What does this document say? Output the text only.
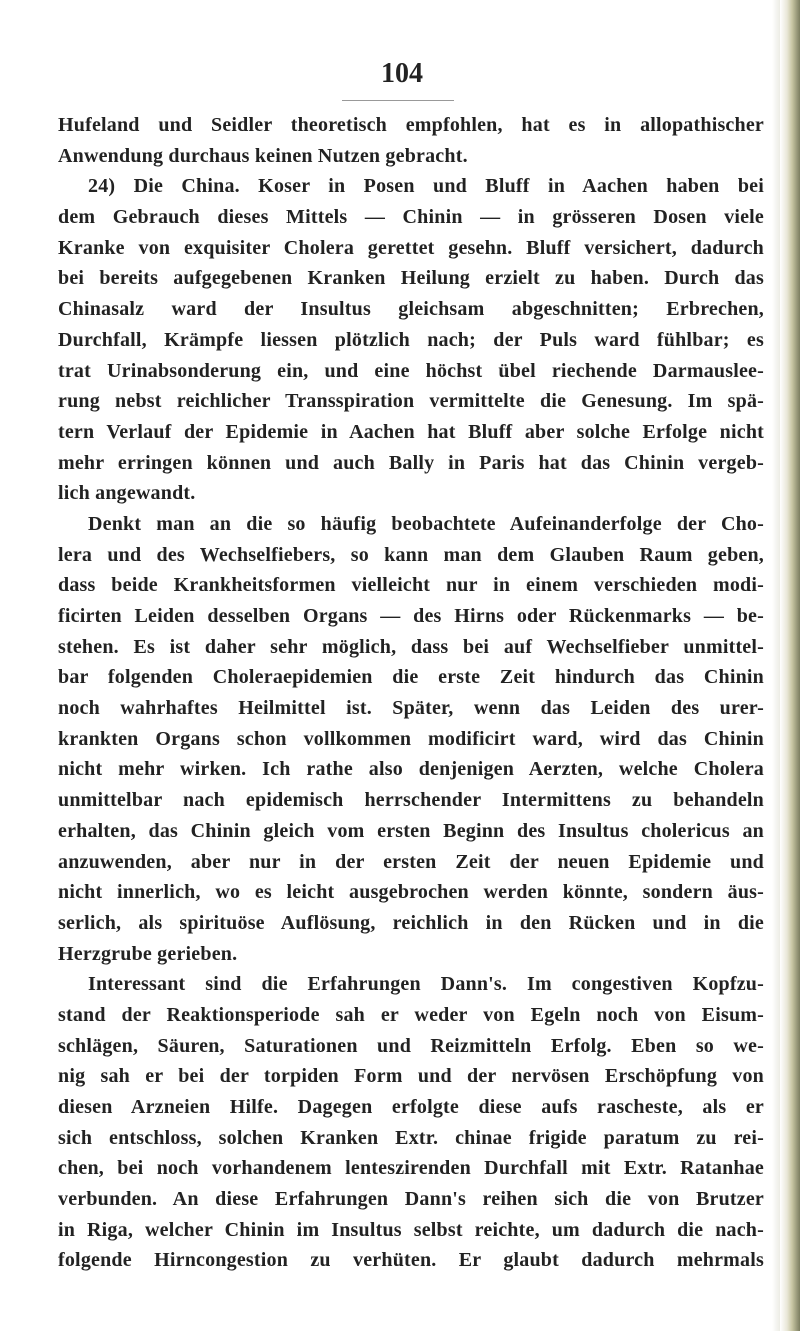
104
Hufeland und Seidler theoretisch empfohlen, hat es in allopathischer
Anwendung durchaus keinen Nutzen gebracht.
24) Die China. Koser in Posen und Bluff in Aachen haben bei
dem Gebrauch dieses Mittels — Chinin — in grösseren Dosen viele
Kranke von exquisiter Cholera gerettet gesehn. Bluff versichert, dadurch
bei bereits aufgegebenen Kranken Heilung erzielt zu haben. Durch das
Chinasalz ward der Insultus gleichsam abgeschnitten; Erbrechen,
Durchfall, Krämpfe liessen plötzlich nach; der Puls ward fühlbar; es
trat Urinabsonderung ein, und eine höchst übel riechende Darmauslee-
rung nebst reichlicher Transspiration vermittelte die Genesung. Im spä-
tern Verlauf der Epidemie in Aachen hat Bluff aber solche Erfolge nicht
mehr erringen können und auch Bally in Paris hat das Chinin vergeb-
lich angewandt.
Denkt man an die so häufig beobachtete Aufeinanderfolge der Cho-
lera und des Wechselfiebers, so kann man dem Glauben Raum geben,
dass beide Krankheitsformen vielleicht nur in einem verschieden modi-
ficirten Leiden desselben Organs — des Hirns oder Rückenmarks — be-
stehen. Es ist daher sehr möglich, dass bei auf Wechselfieber unmittel-
bar folgenden Choleraepidemien die erste Zeit hindurch das Chinin
noch wahrhaftes Heilmittel ist. Später, wenn das Leiden des urer-
krankten Organs schon vollkommen modificirt ward, wird das Chinin
nicht mehr wirken. Ich rathe also denjenigen Aerzten, welche Cholera
unmittelbar nach epidemisch herrschender Intermittens zu behandeln
erhalten, das Chinin gleich vom ersten Beginn des Insultus cholericus an
anzuwenden, aber nur in der ersten Zeit der neuen Epidemie und
nicht innerlich, wo es leicht ausgebrochen werden könnte, sondern äus-
serlich, als spirituöse Auflösung, reichlich in den Rücken und in die
Herzgrube gerieben.
Interessant sind die Erfahrungen Dann's. Im congestiven Kopfzu-
stand der Reaktionsperiode sah er weder von Egeln noch von Eisum-
schlägen, Säuren, Saturationen und Reizmitteln Erfolg. Eben so we-
nig sah er bei der torpiden Form und der nervösen Erschöpfung von
diesen Arzneien Hilfe. Dagegen erfolgte diese aufs rascheste, als er
sich entschloss, solchen Kranken Extr. chinae frigide paratum zu rei-
chen, bei noch vorhandenem lenteszirenden Durchfall mit Extr. Ratanhae
verbunden. An diese Erfahrungen Dann's reihen sich die von Brutzer
in Riga, welcher Chinin im Insultus selbst reichte, um dadurch die nach-
folgende Hirncongestion zu verhüten. Er glaubt dadurch mehrmals
